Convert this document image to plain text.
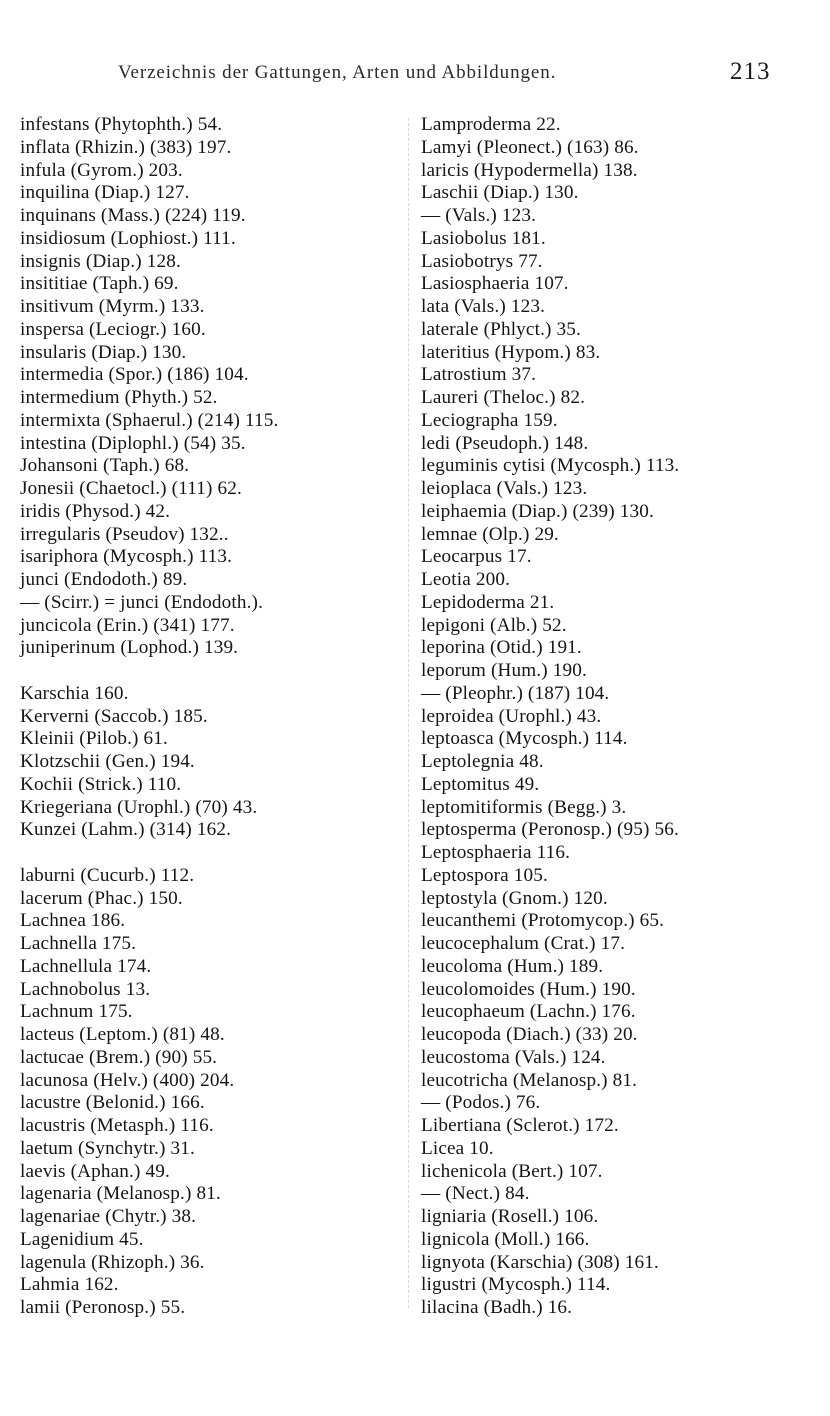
Verzeichnis der Gattungen, Arten und Abbildungen.	213
infestans (Phytophth.) 54.
inflata (Rhizin.) (383) 197.
infula (Gyrom.) 203.
inquilina (Diap.) 127.
inquinans (Mass.) (224) 119.
insidiosum (Lophiost.) 111.
insignis (Diap.) 128.
insititiae (Taph.) 69.
insitivum (Myrm.) 133.
inspersa (Leciogr.) 160.
insularis (Diap.) 130.
intermedia (Spor.) (186) 104.
intermedium (Phyth.) 52.
intermixta (Sphaerul.) (214) 115.
intestina (Diplophl.) (54) 35.
Johansoni (Taph.) 68.
Jonesii (Chaetocl.) (111) 62.
iridis (Physod.) 42.
irregularis (Pseudov) 132..
isariphora (Mycosph.) 113.
junci (Endodoth.) 89.
— (Scirr.) = junci (Endodoth.).
juncicola (Erin.) (341) 177.
juniperinum (Lophod.) 139.
Karschia 160.
Kerverni (Saccob.) 185.
Kleinii (Pilob.) 61.
Klotzschii (Gen.) 194.
Kochii (Strick.) 110.
Kriegeriana (Urophl.) (70) 43.
Kunzei (Lahm.) (314) 162.
laburni (Cucurb.) 112.
lacerum (Phac.) 150.
Lachnea 186.
Lachnella 175.
Lachnellula 174.
Lachnobolus 13.
Lachnum 175.
lacteus (Leptom.) (81) 48.
lactucae (Brem.) (90) 55.
lacunosa (Helv.) (400) 204.
lacustre (Belonid.) 166.
lacustris (Metasph.) 116.
laetum (Synchytr.) 31.
laevis (Aphan.) 49.
lagenaria (Melanosp.) 81.
lagenariae (Chytr.) 38.
Lagenidium 45.
lagenula (Rhizoph.) 36.
Lahmia 162.
lamii (Peronosp.) 55.
Lamproderma 22.
Lamyi (Pleonect.) (163) 86.
laricis (Hypodermella) 138.
Laschii (Diap.) 130.
— (Vals.) 123.
Lasiobolus 181.
Lasiobotrys 77.
Lasiosphaeria 107.
lata (Vals.) 123.
laterale (Phlyct.) 35.
lateritius (Hypom.) 83.
Latrostium 37.
Laureri (Theloc.) 82.
Leciographa 159.
ledi (Pseudoph.) 148.
leguminis cytisi (Mycosph.) 113.
leioplaca (Vals.) 123.
leiphaemia (Diap.) (239) 130.
lemnae (Olp.) 29.
Leocarpus 17.
Leotia 200.
Lepidoderma 21.
lepigoni (Alb.) 52.
leporina (Otid.) 191.
leporum (Hum.) 190.
— (Pleophr.) (187) 104.
leproidea (Urophl.) 43.
leptoasca (Mycosph.) 114.
Leptolegnia 48.
Leptomitus 49.
leptomitiformis (Begg.) 3.
leptosperma (Peronosp.) (95) 56.
Leptosphaeria 116.
Leptospora 105.
leptostyla (Gnom.) 120.
leucanthemi (Protomycop.) 65.
leucocephalum (Crat.) 17.
leucoloma (Hum.) 189.
leucolomoides (Hum.) 190.
leucophaeum (Lachn.) 176.
leucopoda (Diach.) (33) 20.
leucostoma (Vals.) 124.
leucotricha (Melanosp.) 81.
— (Podos.) 76.
Libertiana (Sclerot.) 172.
Licea 10.
lichenicola (Bert.) 107.
— (Nect.) 84.
ligniaria (Rosell.) 106.
lignicola (Moll.) 166.
lignyota (Karschia) (308) 161.
ligustri (Mycosph.) 114.
lilacina (Badh.) 16.
